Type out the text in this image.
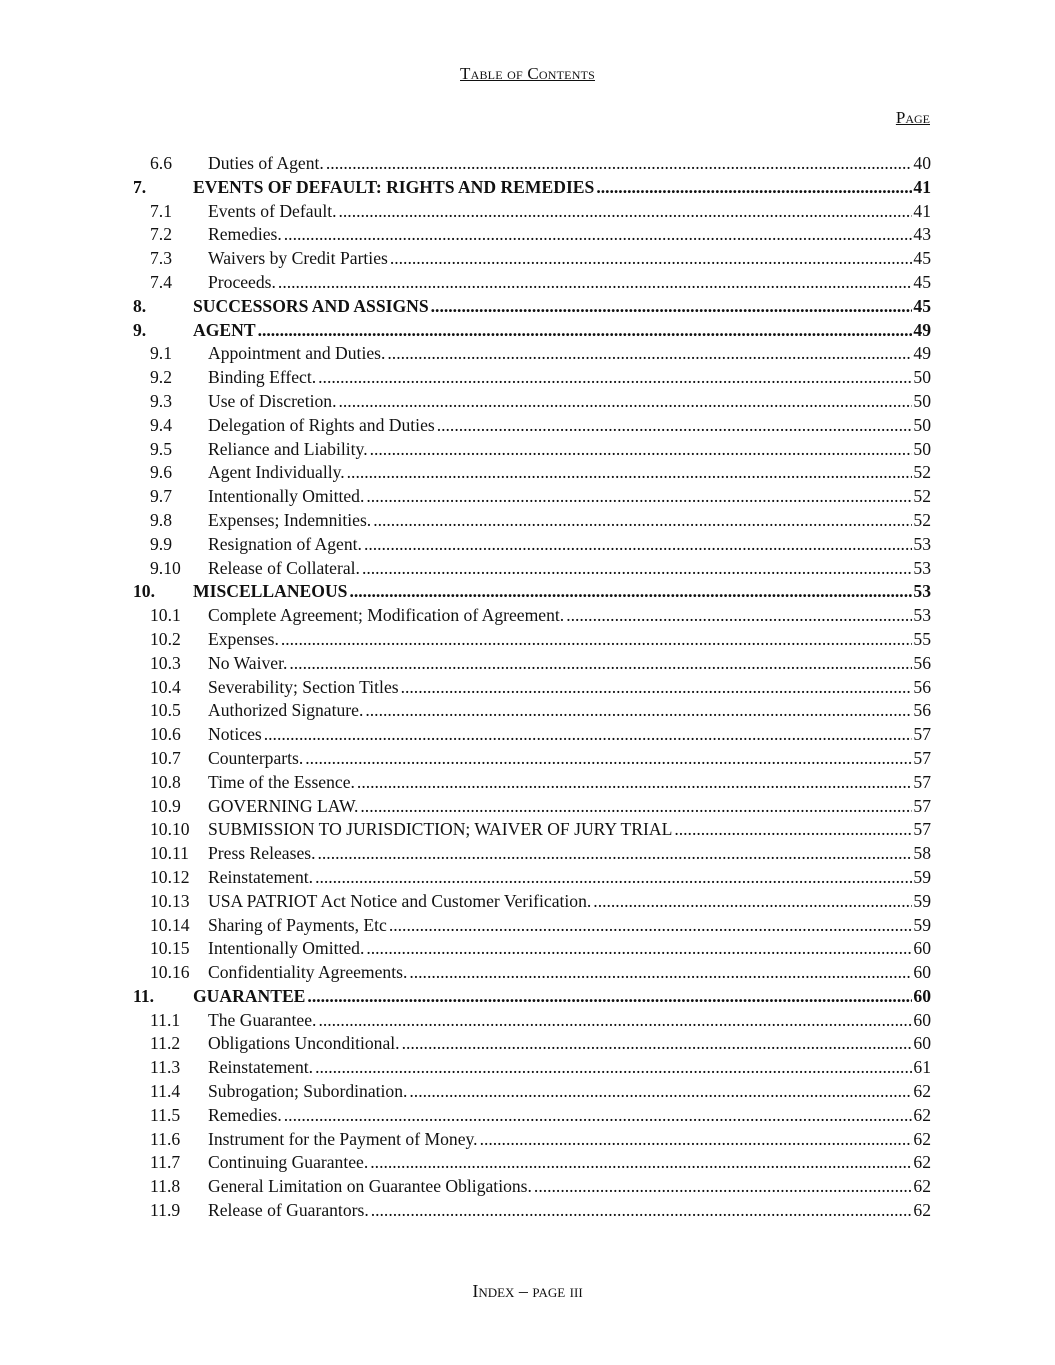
Table of Contents
Page
6.6	Duties of Agent. .....	40
7.	EVENTS OF DEFAULT: RIGHTS AND REMEDIES .....	41
7.1	Events of Default. .....	41
7.2	Remedies. .....	43
7.3	Waivers by Credit Parties .....	45
7.4	Proceeds. .....	45
8.	SUCCESSORS AND ASSIGNS .....	45
9.	AGENT .....	49
9.1	Appointment and Duties. .....	49
9.2	Binding Effect. .....	50
9.3	Use of Discretion. .....	50
9.4	Delegation of Rights and Duties .....	50
9.5	Reliance and Liability. .....	50
9.6	Agent Individually. .....	52
9.7	Intentionally Omitted. .....	52
9.8	Expenses; Indemnities. .....	52
9.9	Resignation of Agent. .....	53
9.10	Release of Collateral. .....	53
10.	MISCELLANEOUS .....	53
10.1	Complete Agreement; Modification of Agreement. .....	53
10.2	Expenses. .....	55
10.3	No Waiver. .....	56
10.4	Severability; Section Titles .....	56
10.5	Authorized Signature. .....	56
10.6	Notices .....	57
10.7	Counterparts. .....	57
10.8	Time of the Essence. .....	57
10.9	GOVERNING LAW. .....	57
10.10	SUBMISSION TO JURISDICTION; WAIVER OF JURY TRIAL .....	57
10.11	Press Releases. .....	58
10.12	Reinstatement. .....	59
10.13	USA PATRIOT Act Notice and Customer Verification. .....	59
10.14	Sharing of Payments, Etc .....	59
10.15	Intentionally Omitted. .....	60
10.16	Confidentiality Agreements. .....	60
11.	GUARANTEE .....	60
11.1	The Guarantee. .....	60
11.2	Obligations Unconditional. .....	60
11.3	Reinstatement. .....	61
11.4	Subrogation; Subordination. .....	62
11.5	Remedies. .....	62
11.6	Instrument for the Payment of Money. .....	62
11.7	Continuing Guarantee. .....	62
11.8	General Limitation on Guarantee Obligations. .....	62
11.9	Release of Guarantors. .....	62
Index – page iii
